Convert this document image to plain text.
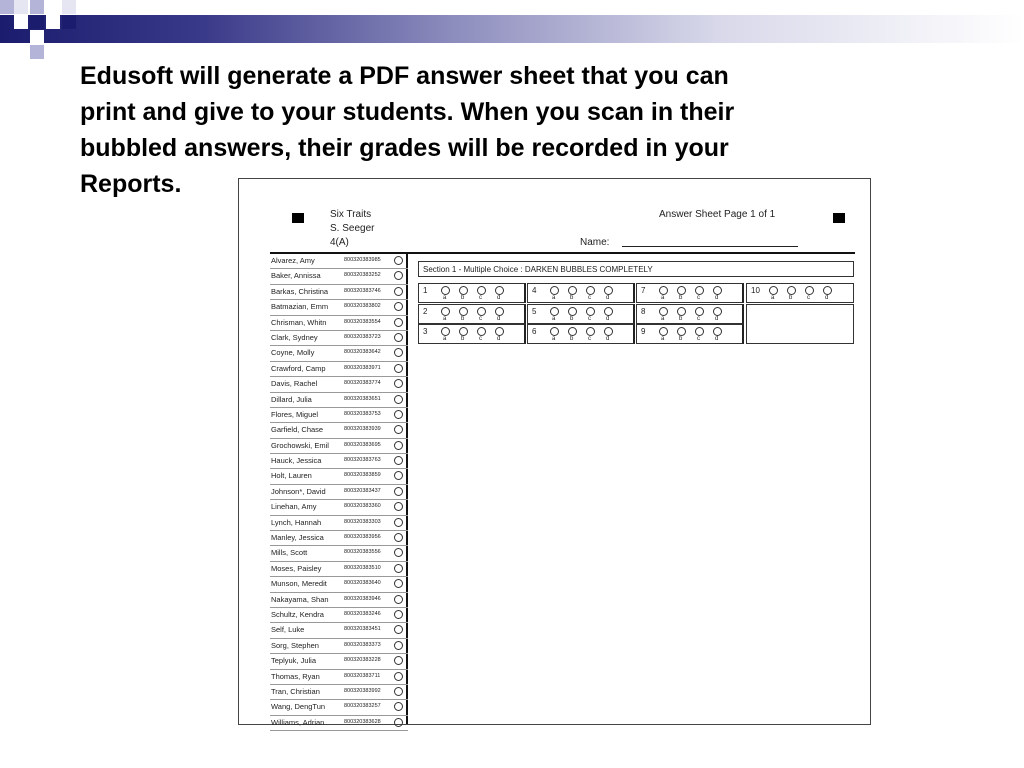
Edusoft will generate a PDF answer sheet that you can
print and give to your students. When you scan in their
bubbled answers, their grades will be recorded in your
Reports.
Six Traits
S. Seeger
4(A)
Answer Sheet Page 1 of 1
Name:
Alvarez, Amy	800320383985
Baker, Annissa	800320383252
Barkas, Christina	800320383746
Batmazian, Emm	800320383802
Chrisman, Whitn	800320383554
Clark, Sydney	800320383723
Coyne, Molly	800320383642
Crawford, Camp	800320383971
Davis, Rachel	800320383774
Dillard, Julia	800320383651
Flores, Miguel	800320383753
Garfield, Chase	800320383939
Grochowski, Emil	800320383695
Hauck, Jessica	800320383763
Holt, Lauren	800320383859
Johnson*, David	800320383437
Linehan, Amy	800320383360
Lynch, Hannah	800320383303
Manley, Jessica	800320383956
Mills, Scott	800320383556
Moses, Paisley	800320383510
Munson, Meredit	800320383640
Nakayama, Shan	800320383946
Schultz, Kendra	800320383246
Self, Luke	800320383451
Sorg, Stephen	800320383373
Teplyuk, Julia	800320383228
Thomas, Ryan	800320383711
Tran, Christian	800320383992
Wang, DengTun	800320383257
Williams, Adrian	800320383628
Section 1 - Multiple Choice : DARKEN BUBBLES COMPLETELY
1
a b c	d
2
a b c	d
3
a b c	d
4
a b c	d
5
a b c	d
6
a b c	d
7
a b c	d
8
a b c	d
9
a b c	d
10
a b c	d
